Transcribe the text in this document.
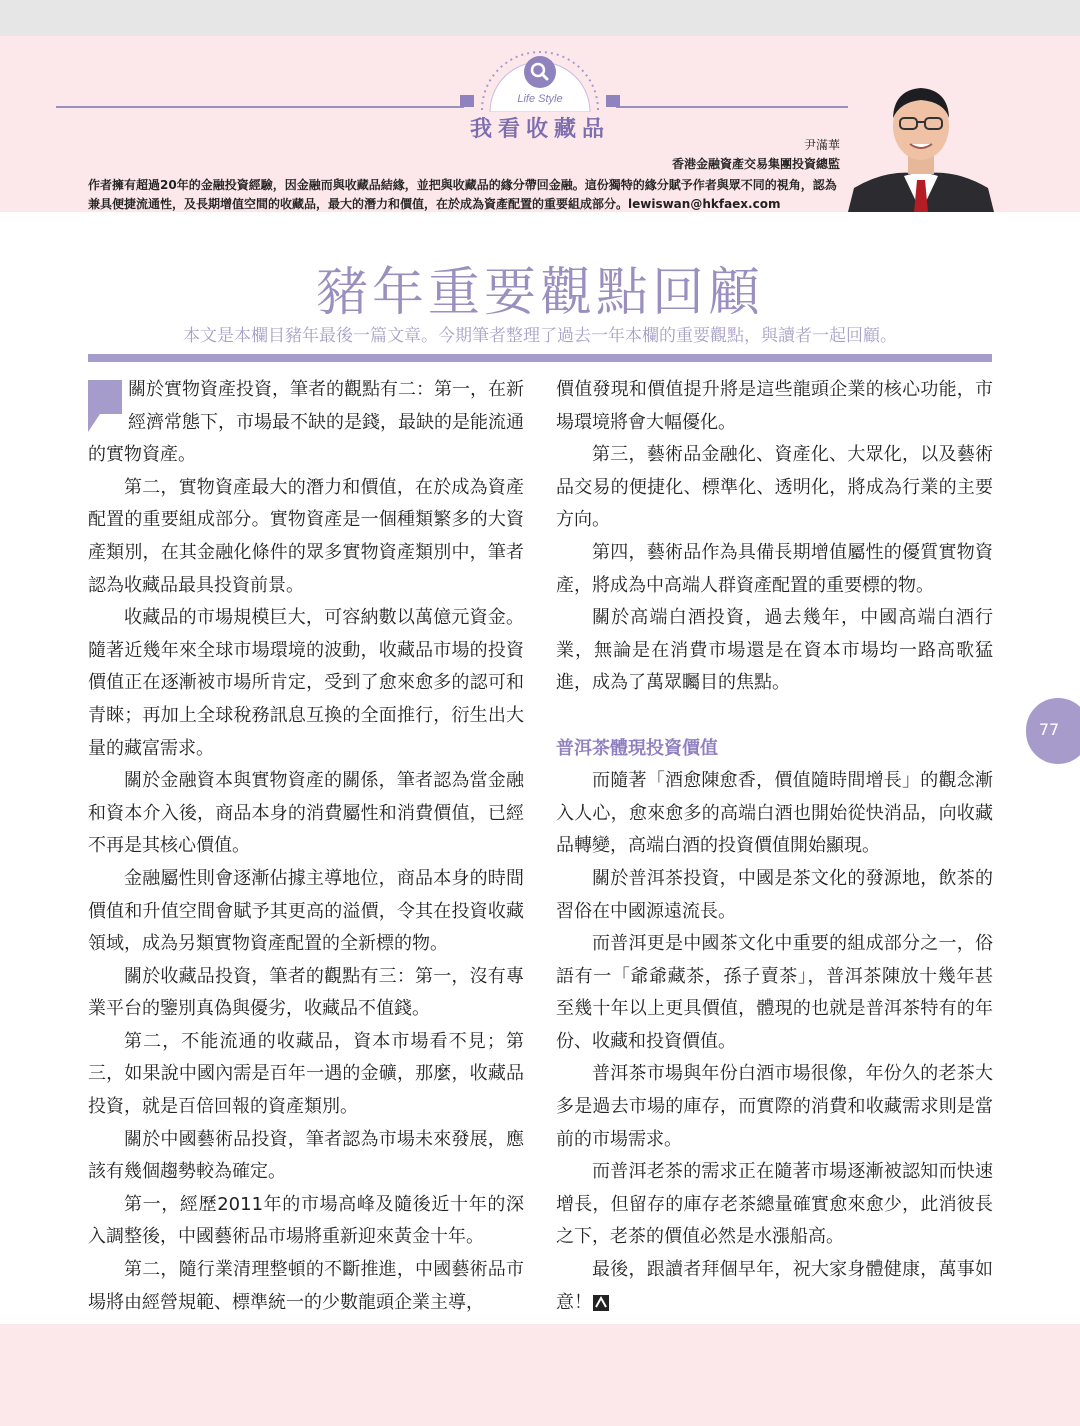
Life Style
我看收藏品
尹滿華
香港金融資產交易集團投資總監
作者擁有超過20年的金融投資經驗，因金融而與收藏品結緣，並把與收藏品的緣分帶回金融。這份獨特的緣分賦予作者與眾不同的視角，認為兼具便捷流通性，及長期增值空間的收藏品，最大的潛力和價值，在於成為資產配置的重要組成部分。lewiswan@hkfaex.com
豬年重要觀點回顧
本文是本欄目豬年最後一篇文章。今期筆者整理了過去一年本欄的重要觀點，與讀者一起回顧。

關於實物資產投資，筆者的觀點有二：第一，在新經濟常態下，市場最不缺的是錢，最缺的是能流通的實物資產。

第二，實物資產最大的潛力和價值，在於成為資產配置的重要組成部分。實物資產是一個種類繁多的大資產類別，在其金融化條件的眾多實物資產類別中，筆者認為收藏品最具投資前景。

收藏品的市場規模巨大，可容納數以萬億元資金。隨著近幾年來全球市場環境的波動，收藏品市場的投資價值正在逐漸被市場所肯定，受到了愈來愈多的認可和青睞；再加上全球稅務訊息互換的全面推行，衍生出大量的藏富需求。

關於金融資本與實物資產的關係，筆者認為當金融和資本介入後，商品本身的消費屬性和消費價值，已經不再是其核心價值。

金融屬性則會逐漸佔據主導地位，商品本身的時間價值和升值空間會賦予其更高的溢價，令其在投資收藏領域，成為另類實物資產配置的全新標的物。

關於收藏品投資，筆者的觀點有三：第一，沒有專業平台的鑒別真偽與優劣，收藏品不值錢。

第二，不能流通的收藏品，資本市場看不見；第三，如果說中國內需是百年一遇的金礦，那麼，收藏品投資，就是百倍回報的資產類別。

關於中國藝術品投資，筆者認為市場未來發展，應該有幾個趨勢較為確定。

第一，經歷2011年的市場高峰及隨後近十年的深入調整後，中國藝術品市場將重新迎來黃金十年。

第二，隨行業清理整頓的不斷推進，中國藝術品市場將由經營規範、標準統一的少數龍頭企業主導，

價值發現和價值提升將是這些龍頭企業的核心功能，市場環境將會大幅優化。

第三，藝術品金融化、資產化、大眾化，以及藝術品交易的便捷化、標準化、透明化，將成為行業的主要方向。

第四，藝術品作為具備長期增值屬性的優質實物資產，將成為中高端人群資產配置的重要標的物。

關於高端白酒投資，過去幾年，中國高端白酒行業，無論是在消費市場還是在資本市場均一路高歌猛進，成為了萬眾矚目的焦點。

普洱茶體現投資價值

而隨著「酒愈陳愈香，價值隨時間增長」的觀念漸入人心，愈來愈多的高端白酒也開始從快消品，向收藏品轉變，高端白酒的投資價值開始顯現。

關於普洱茶投資，中國是茶文化的發源地，飲茶的習俗在中國源遠流長。

而普洱更是中國茶文化中重要的組成部分之一，俗語有一「爺爺藏茶，孫子賣茶」，普洱茶陳放十幾年甚至幾十年以上更具價值，體現的也就是普洱茶特有的年份、收藏和投資價值。

普洱茶市場與年份白酒市場很像，年份久的老茶大多是過去市場的庫存，而實際的消費和收藏需求則是當前的市場需求。

而普洱老茶的需求正在隨著市場逐漸被認知而快速增長，但留存的庫存老茶總量確實愈來愈少，此消彼長之下，老茶的價值必然是水漲船高。

最後，跟讀者拜個早年，祝大家身體健康，萬事如意！

77
